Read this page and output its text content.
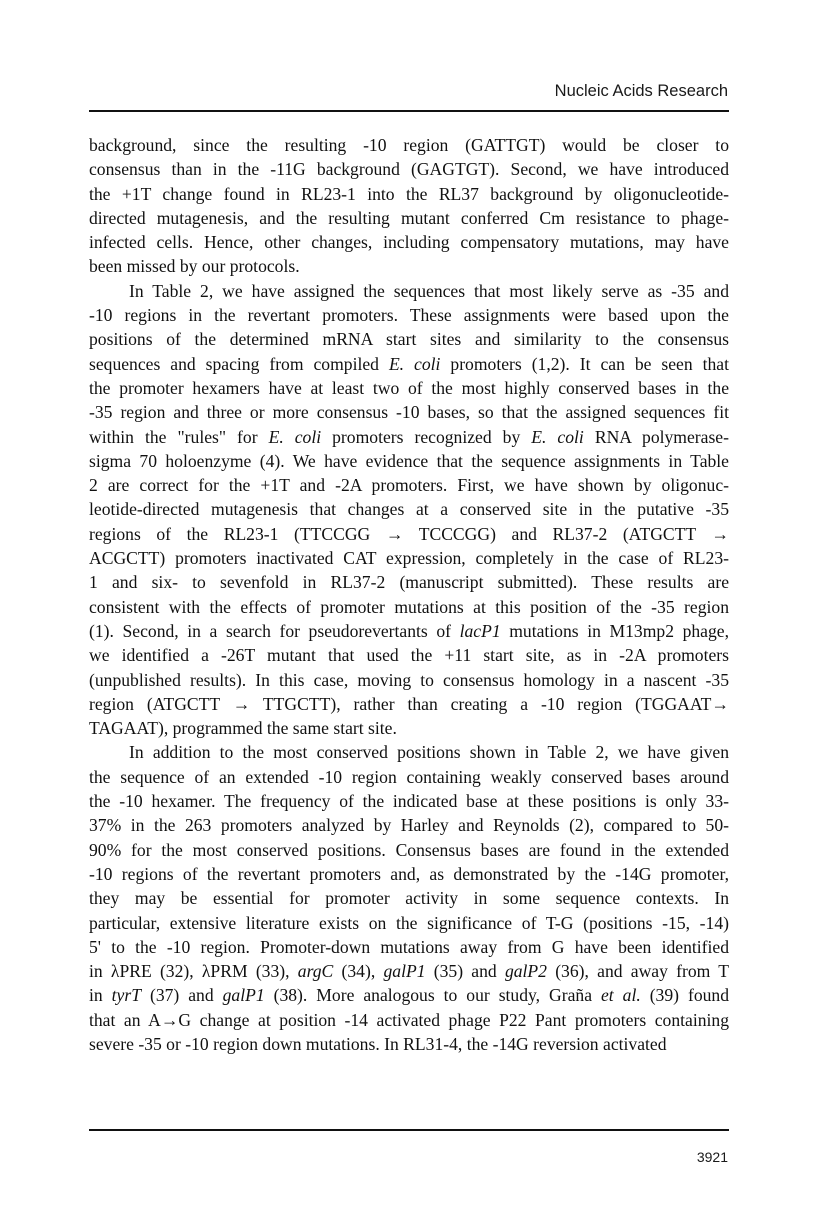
Nucleic Acids Research

background, since the resulting -10 region (GATTGT) would be closer to
consensus than in the -11G background (GAGTGT). Second, we have introduced
the +1T change found in RL23-1 into the RL37 background by oligonucleotide-
directed mutagenesis, and the resulting mutant conferred Cm resistance to phage-
infected cells. Hence, other changes, including compensatory mutations, may have
been missed by our protocols.

In Table 2, we have assigned the sequences that most likely serve as -35 and
-10 regions in the revertant promoters. These assignments were based upon the
positions of the determined mRNA start sites and similarity to the consensus
sequences and spacing from compiled E. coli promoters (1,2). It can be seen that
the promoter hexamers have at least two of the most highly conserved bases in the
-35 region and three or more consensus -10 bases, so that the assigned sequences fit
within the "rules" for E. coli promoters recognized by E. coli RNA polymerase-
sigma 70 holoenzyme (4). We have evidence that the sequence assignments in Table
2 are correct for the +1T and -2A promoters. First, we have shown by oligonuc-
leotide-directed mutagenesis that changes at a conserved site in the putative -35
regions of the RL23-1 (TTCCGG → TCCCGG) and RL37-2 (ATGCTT →
ACGCTT) promoters inactivated CAT expression, completely in the case of RL23-
1 and six- to sevenfold in RL37-2 (manuscript submitted). These results are
consistent with the effects of promoter mutations at this position of the -35 region
(1). Second, in a search for pseudorevertants of lacP1 mutations in M13mp2 phage,
we identified a -26T mutant that used the +11 start site, as in -2A promoters
(unpublished results). In this case, moving to consensus homology in a nascent -35
region (ATGCTT → TTGCTT), rather than creating a -10 region (TGGAAT→
TAGAAT), programmed the same start site.

In addition to the most conserved positions shown in Table 2, we have given
the sequence of an extended -10 region containing weakly conserved bases around
the -10 hexamer. The frequency of the indicated base at these positions is only 33-
37% in the 263 promoters analyzed by Harley and Reynolds (2), compared to 50-
90% for the most conserved positions. Consensus bases are found in the extended
-10 regions of the revertant promoters and, as demonstrated by the -14G promoter,
they may be essential for promoter activity in some sequence contexts. In
particular, extensive literature exists on the significance of T-G (positions -15, -14)
5' to the -10 region. Promoter-down mutations away from G have been identified
in λPRE (32), λPRM (33), argC (34), galP1 (35) and galP2 (36), and away from T
in tyrT (37) and galP1 (38). More analogous to our study, Graña et al. (39) found
that an A→G change at position -14 activated phage P22 Pant promoters containing
severe -35 or -10 region down mutations. In RL31-4, the -14G reversion activated

3921
